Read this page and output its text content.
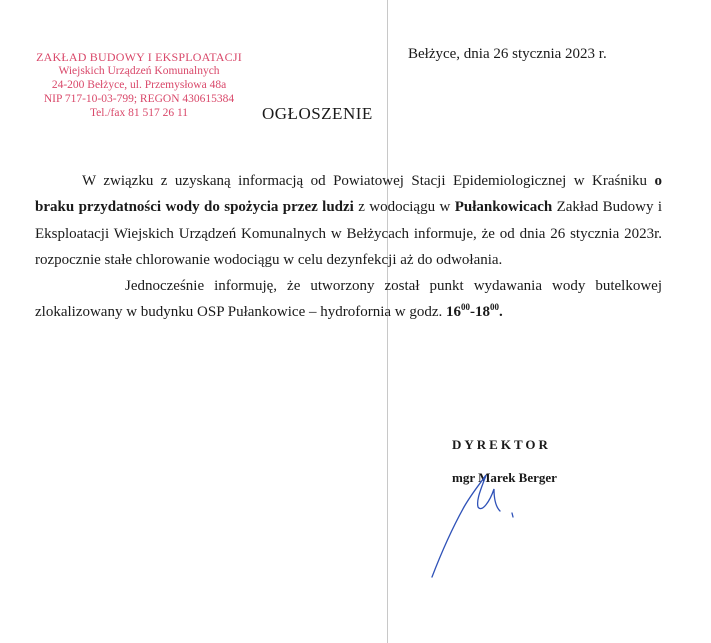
ZAKŁAD BUDOWY I EKSPLOATACJI
Wiejskich Urządzeń Komunalnych
24-200 Bełżyce, ul. Przemysłowa 48a
NIP 717-10-03-799; REGON 430615384
Tel./fax 81 517 26 11
Bełżyce, dnia 26 stycznia 2023 r.
OGŁOSZENIE

W związku z uzyskaną informacją od Powiatowej Stacji Epidemiologicznej w Kraśniku o braku przydatności wody do spożycia przez ludzi z wodociągu w Pułankowicach Zakład Budowy i Eksploatacji Wiejskich Urządzeń Komunalnych w Bełżycach informuje, że od dnia 26 stycznia 2023r. rozpocznie stałe chlorowanie wodociągu w celu dezynfekcji aż do odwołania.

Jednocześnie informuję, że utworzony został punkt wydawania wody butelkowej zlokalizowany w budynku OSP Pułankowice – hydrofornia w godz. $16^{00}-18^{00}$.

DYREKTOR
mgr Marek Berger
